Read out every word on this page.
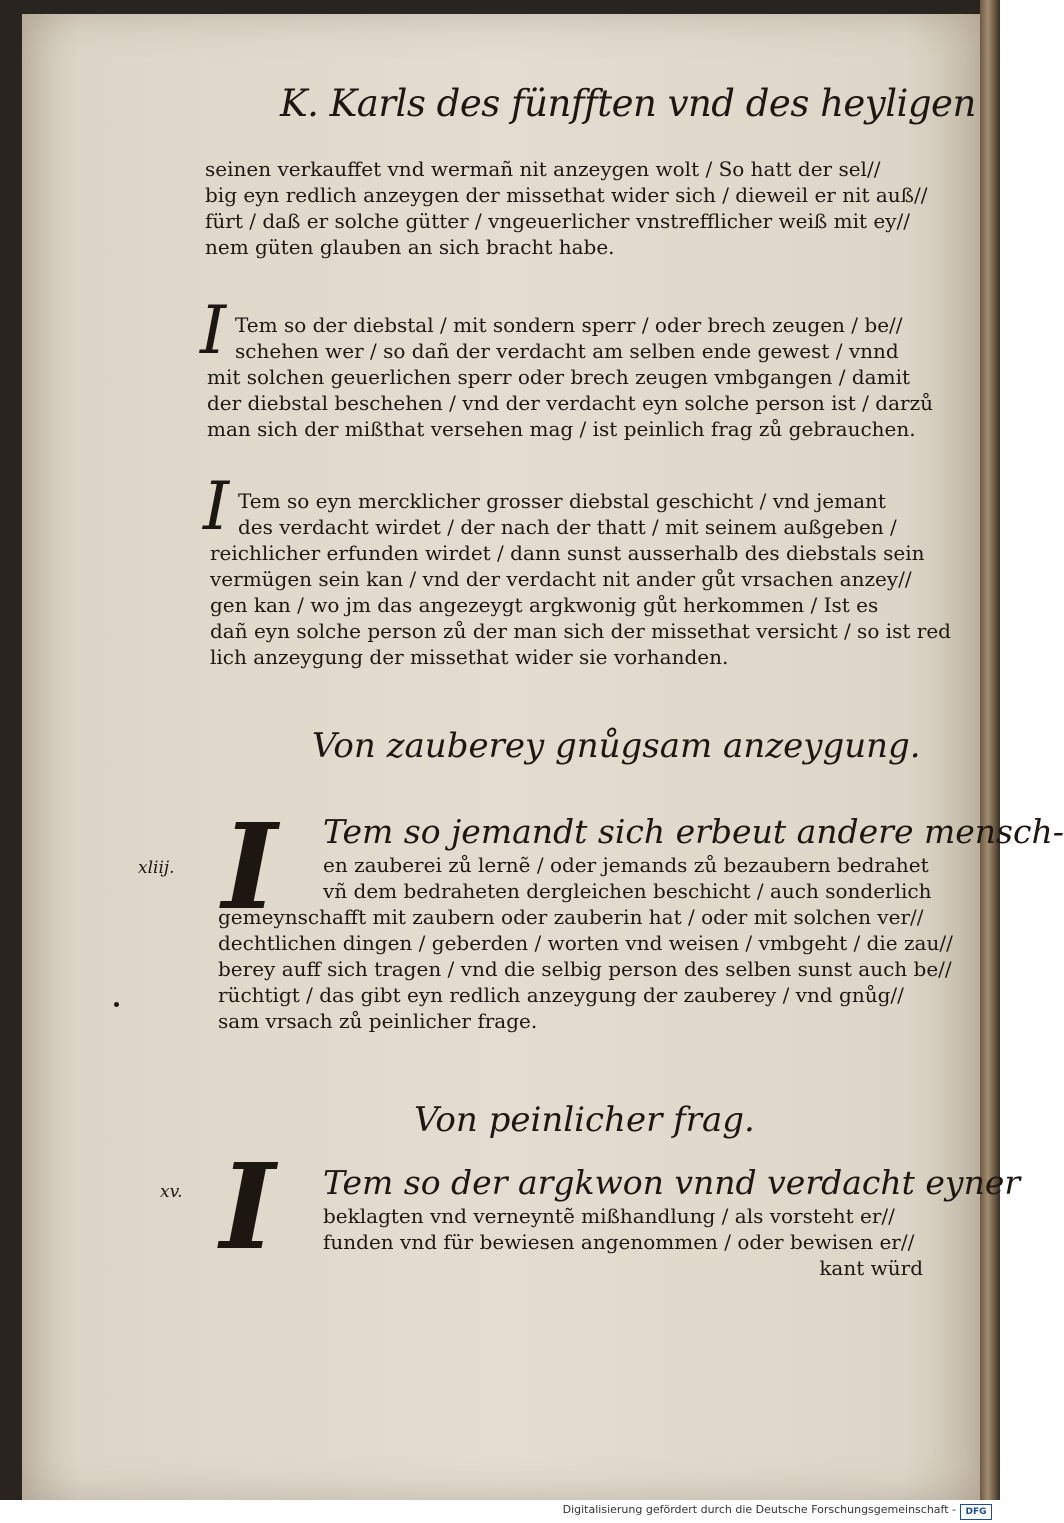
K. Karls des fünfften vnd des heyligen
seinen verkauffet vnd wermañ nit anzeygen wolt / So hatt der sel//
big eyn redlich anzeygen der missethat wider sich / dieweil er nit auß//
fürt / daß er solche gütter / vngeuerlicher vnstrefflicher weiß mit ey//
nem güten glauben an sich bracht habe.
I Tem so der diebstal / mit sondern sperr / oder brech zeugen / be//
schehen wer / so dañ der verdacht am selben ende gewest / vnnd
mit solchen geuerlichen sperr oder brech zeugen vmbgangen / damit
der diebstal beschehen / vnd der verdacht eyn solche person ist / darzů
man sich der mißthat versehen mag / ist peinlich frag zů gebrauchen.
I Tem so eyn mercklicher grosser diebstal geschicht / vnd jemant
des verdacht wirdet / der nach der thatt / mit seinem außgeben /
reichlicher erfunden wirdet / dann sunst ausserhalb des diebstals sein
vermügen sein kan / vnd der verdacht nit ander gůt vrsachen anzey//
gen kan / wo jm das angezeygt argkwonig gůt herkommen / Ist es
dañ eyn solche person zů der man sich der missethat versicht / so ist red
lich anzeygung der missethat wider sie vorhanden.
Von zauberey gnůgsam anzeygung.
xliij. I	Tem so jemandt sich erbeut andere mensch-
en zauberei zů lernẽ / oder jemands zů bezaubern bedrahet
vñ dem bedraheten dergleichen beschicht / auch sonderlich
gemeynschafft mit zaubern oder zauberin hat / oder mit solchen ver//
dechtlichen dingen / geberden / worten vnd weisen / vmbgeht / die zau//
berey auff sich tragen / vnd die selbig person des selben sunst auch be//
rüchtigt / das gibt eyn redlich anzeygung der zauberey / vnd gnůg//
sam vrsach zů peinlicher frage.
Von peinlicher frag.
xv. I	Tem so der argkwon vnnd verdacht eyner
beklagten vnd verneyntẽ mißhandlung / als vorsteht er//
funden vnd für bewiesen angenommen / oder bewisen er//
kant würd
Digitalisierung gefördert durch die Deutsche Forschungsgemeinschaft -	DFG
